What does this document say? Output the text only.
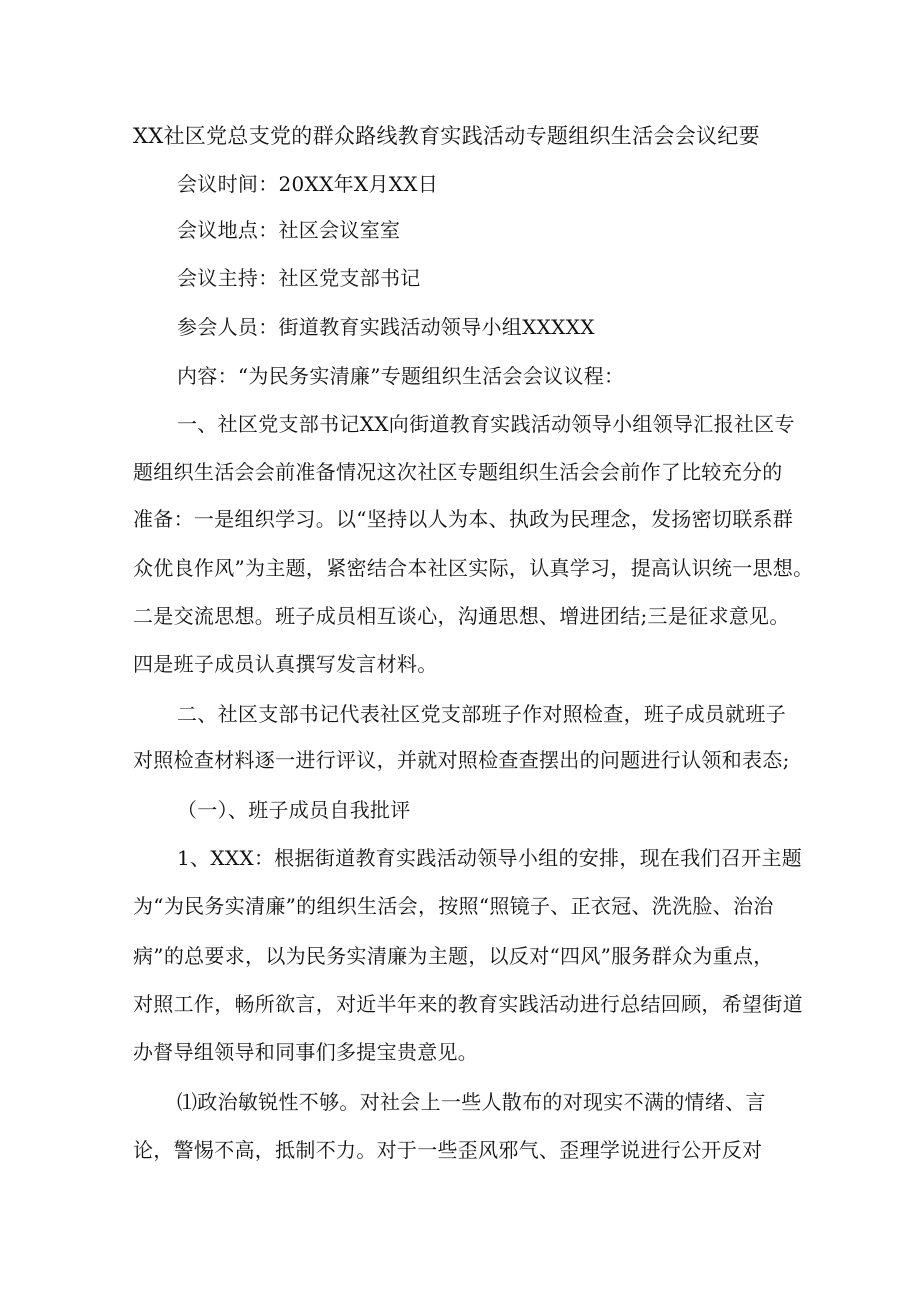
XX社区党总支党的群众路线教育实践活动专题组织生活会会议纪要
会议时间：20XX年X月XX日
会议地点：社区会议室室
会议主持：社区党支部书记
参会人员：街道教育实践活动领导小组XXXXX
内容：“为民务实清廉”专题组织生活会会议议程：
一、社区党支部书记XX向街道教育实践活动领导小组领导汇报社区专
题组织生活会会前准备情况这次社区专题组织生活会会前作了比较充分的
准备：一是组织学习。以“坚持以人为本、执政为民理念，发扬密切联系群
众优良作风”为主题，紧密结合本社区实际，认真学习，提高认识统一思想。
二是交流思想。班子成员相互谈心，沟通思想、增进团结;三是征求意见。
四是班子成员认真撰写发言材料。
二、社区支部书记代表社区党支部班子作对照检查，班子成员就班子
对照检查材料逐一进行评议，并就对照检查查摆出的问题进行认领和表态;
（一）、班子成员自我批评
1、XXX：根据街道教育实践活动领导小组的安排，现在我们召开主题
为“为民务实清廉”的组织生活会，按照“照镜子、正衣冠、洗洗脸、治治
病”的总要求，以为民务实清廉为主题，以反对“四风”服务群众为重点，
对照工作，畅所欲言，对近半年来的教育实践活动进行总结回顾，希望街道
办督导组领导和同事们多提宝贵意见。
⑴政治敏锐性不够。对社会上一些人散布的对现实不满的情绪、言
论，警惕不高，抵制不力。对于一些歪风邪气、歪理学说进行公开反对
